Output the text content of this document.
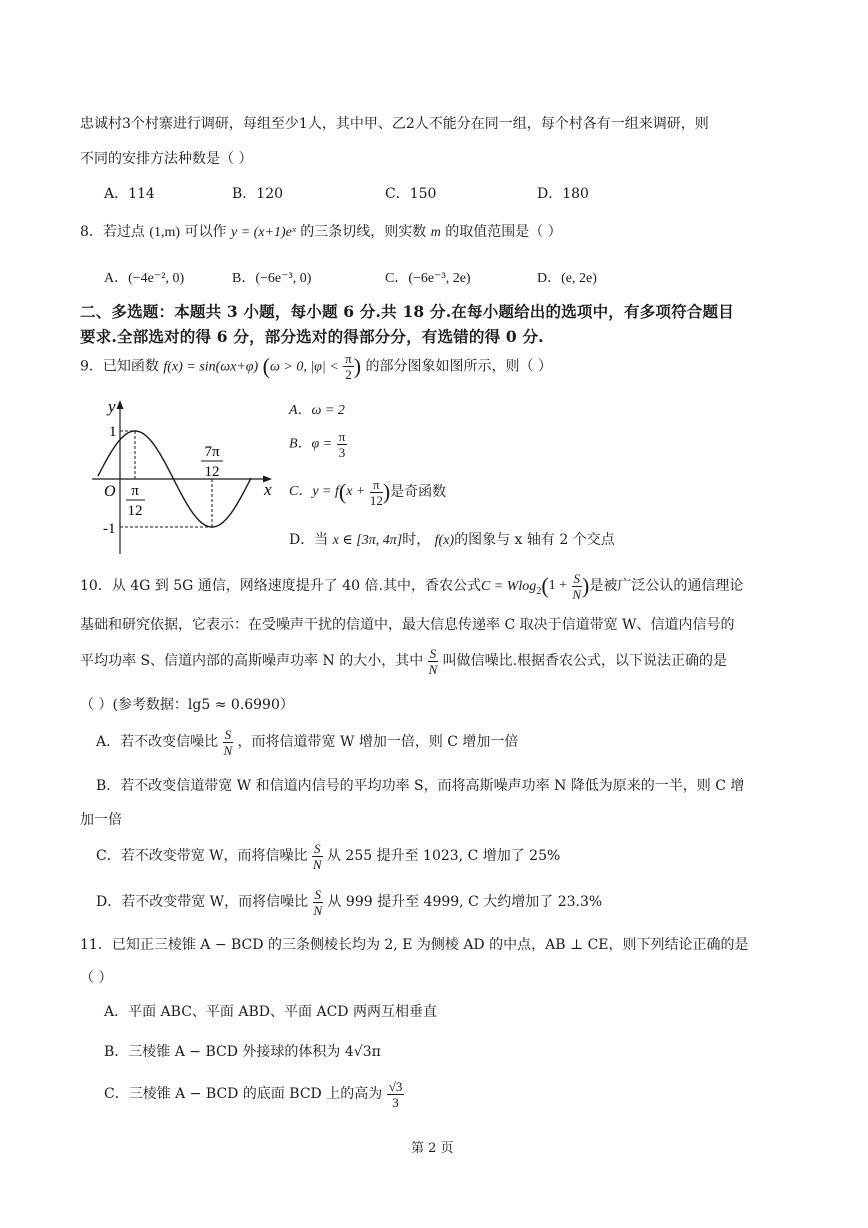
忠诚村3个村寨进行调研，每组至少1人，其中甲、乙2人不能分在同一组，每个村各有一组来调研，则
不同的安排方法种数是（ ）
A．114	B．120	C．150	D．180
8．若过点 (1,m) 可以作 y = (x+1)eˣ 的三条切线，则实数 m 的取值范围是（ ）
A．(−4e⁻², 0)	B．(−6e⁻³, 0)	C．(−6e⁻³, 2e)	D．(e, 2e)
二、多选题：本题共 3 小题，每小题 6 分.共 18 分.在每小题给出的选项中，有多项符合题目
要求.全部选对的得 6 分，部分选对的得部分分，有选错的得 0 分.
9．已知函数 f(x) = sin(ωx+φ) (ω > 0, $|\varphi| < \frac{\pi}{2}$ ) 的部分图象如图所示，则（ ）
y
x
O
1
-1
π
12
7π
12
A．ω = 2
B．$\varphi = \frac{\pi}{3}$
C．$y = f(x + \frac{\pi}{12}$ )是奇函数
D．当 x ∈ [3π, 4π]时， f(x)的图象与 x 轴有 2 个交点
10．从 4G 到 5G 通信，网络速度提升了 40 倍.其中，香农公式$C = Wlog_2(1 + \frac{S}{N}$ )是被广泛公认的通信理论
基础和研究依据，它表示：在受噪声干扰的信道中，最大信息传递率 C 取决于信道带宽 W、信道内信号的
平均功率 S、信道内部的高斯噪声功率 N 的大小，其中 $\frac{S}{N}$ 叫做信噪比.根据香农公式，以下说法正确的是
（ ）(参考数据：lg5 ≈ 0.6990）
A．若不改变信噪比 $\frac{S}{N}$ ，而将信道带宽 W 增加一倍，则 C 增加一倍
B．若不改变信道带宽 W 和信道内信号的平均功率 S，而将高斯噪声功率 N 降低为原来的一半，则 C 增
加一倍
C．若不改变带宽 W，而将信噪比 $\frac{S}{N}$ 从 255 提升至 1023, C 增加了 25%
D．若不改变带宽 W，而将信噪比 $\frac{S}{N}$ 从 999 提升至 4999, C 大约增加了 23.3%
11．已知正三棱锥 A − BCD 的三条侧棱长均为 2, E 为侧棱 AD 的中点，AB ⊥ CE，则下列结论正确的是
（ ）
A．平面 ABC、平面 ABD、平面 ACD 两两互相垂直
B．三棱锥 A − BCD 外接球的体积为 4√3π
C．三棱锥 A − BCD 的底面 BCD 上的高为 $\frac{√3}{3}$
第 2 页
